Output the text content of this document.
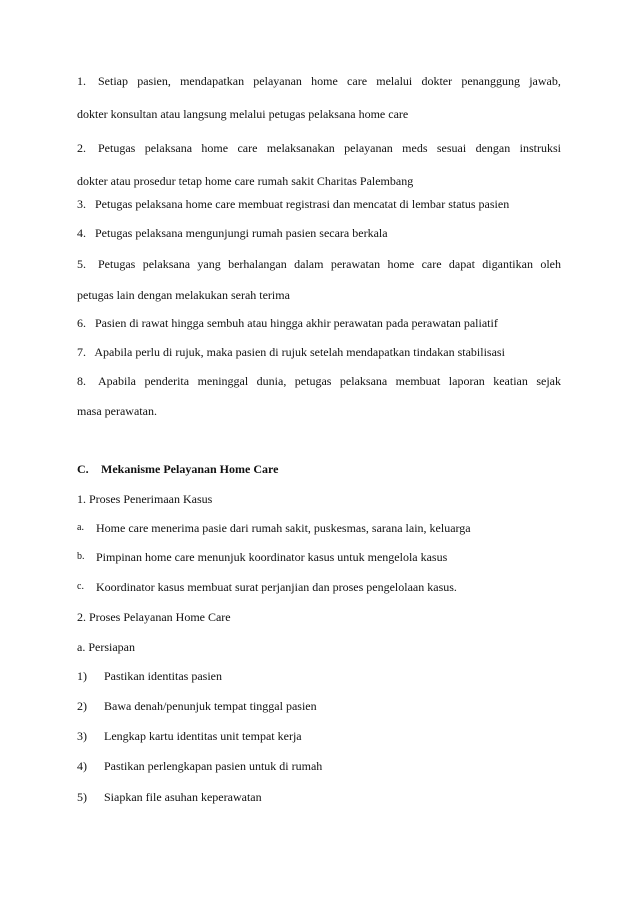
1. Setiap pasien, mendapatkan pelayanan home care melalui dokter penanggung jawab,
dokter konsultan atau langsung melalui petugas pelaksana home care
2. Petugas pelaksana home care melaksanakan pelayanan meds sesuai dengan instruksi
dokter atau prosedur tetap home care rumah sakit Charitas Palembang
3. Petugas pelaksana home care membuat registrasi dan mencatat di lembar status pasien
4. Petugas pelaksana mengunjungi rumah pasien secara berkala
5. Petugas pelaksana yang berhalangan dalam perawatan home care dapat digantikan oleh
petugas lain dengan melakukan serah terima
6. Pasien di rawat hingga sembuh atau hingga akhir perawatan pada perawatan paliatif
7. Apabila perlu di rujuk, maka pasien di rujuk setelah mendapatkan tindakan stabilisasi
8. Apabila penderita meninggal dunia, petugas pelaksana membuat laporan keatian sejak
masa perawatan.
C. Mekanisme Pelayanan Home Care
1. Proses Penerimaan Kasus
a.	Home care menerima pasie dari rumah sakit, puskesmas, sarana lain, keluarga
b. Pimpinan home care menunjuk koordinator kasus untuk mengelola kasus
c.	Koordinator kasus membuat surat perjanjian dan proses pengelolaan kasus.
2. Proses Pelayanan Home Care
a. Persiapan
1)	Pastikan identitas pasien
2)	Bawa denah/penunjuk tempat tinggal pasien
3)	Lengkap kartu identitas unit tempat kerja
4)	Pastikan perlengkapan pasien untuk di rumah
5)	Siapkan file asuhan keperawatan
